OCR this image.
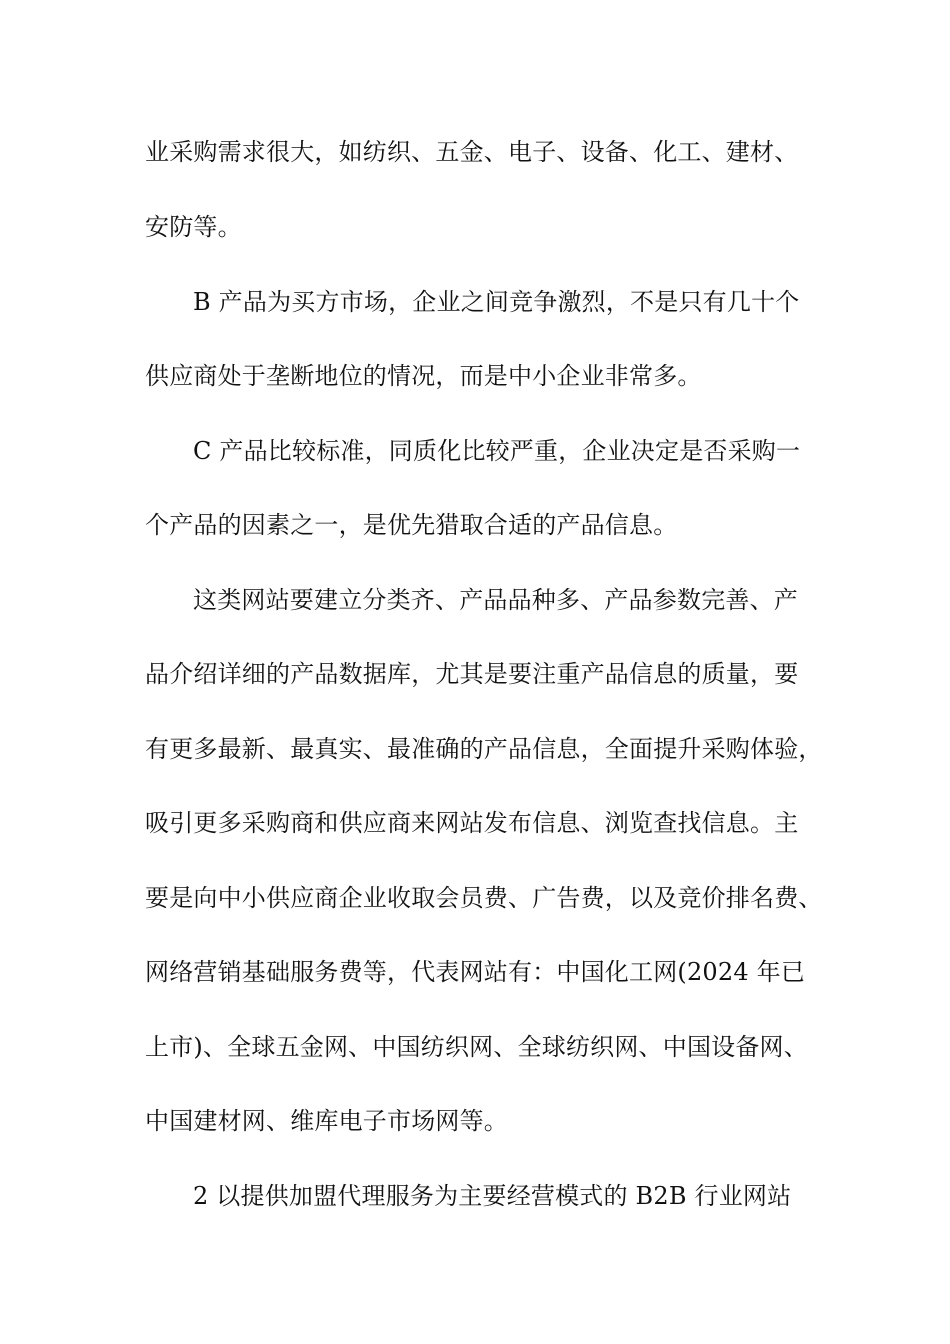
业采购需求很大，如纺织、五金、电子、设备、化工、建材、
安防等。
B 产品为买方市场，企业之间竞争激烈，不是只有几十个
供应商处于垄断地位的情况，而是中小企业非常多。
C 产品比较标准，同质化比较严重，企业决定是否采购一
个产品的因素之一，是优先猎取合适的产品信息。
这类网站要建立分类齐、产品品种多、产品参数完善、产
品介绍详细的产品数据库，尤其是要注重产品信息的质量，要
有更多最新、最真实、最准确的产品信息，全面提升采购体验，
吸引更多采购商和供应商来网站发布信息、浏览查找信息。主
要是向中小供应商企业收取会员费、广告费，以及竞价排名费、
网络营销基础服务费等，代表网站有：中国化工网(2024 年已
上市)、全球五金网、中国纺织网、全球纺织网、中国设备网、
中国建材网、维库电子市场网等。
2 以提供加盟代理服务为主要经营模式的 B2B 行业网站
